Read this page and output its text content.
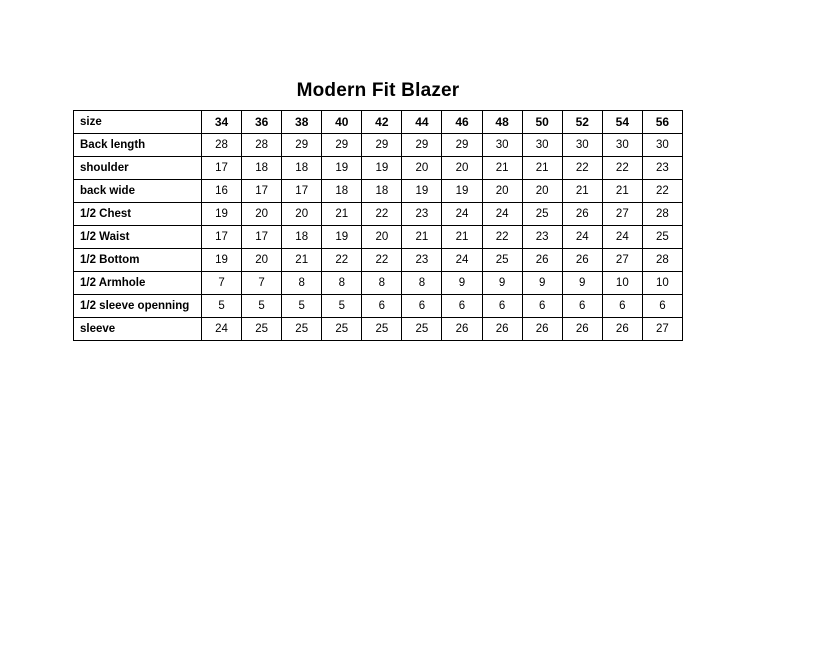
Modern Fit Blazer
size	34	36	38	40	42	44	46	48	50	52	54	56
Back length	28	28	29	29	29	29	29	30	30	30	30	30
shoulder	17	18	18	19	19	20	20	21	21	22	22	23
back wide	16	17	17	18	18	19	19	20	20	21	21	22
1/2 Chest	19	20	20	21	22	23	24	24	25	26	27	28
1/2 Waist	17	17	18	19	20	21	21	22	23	24	24	25
1/2 Bottom	19	20	21	22	22	23	24	25	26	26	27	28
1/2 Armhole	7	7	8	8	8	8	9	9	9	9	10	10
1/2 sleeve openning	5	5	5	5	6	6	6	6	6	6	6	6
sleeve	24	25	25	25	25	25	26	26	26	26	26	27
